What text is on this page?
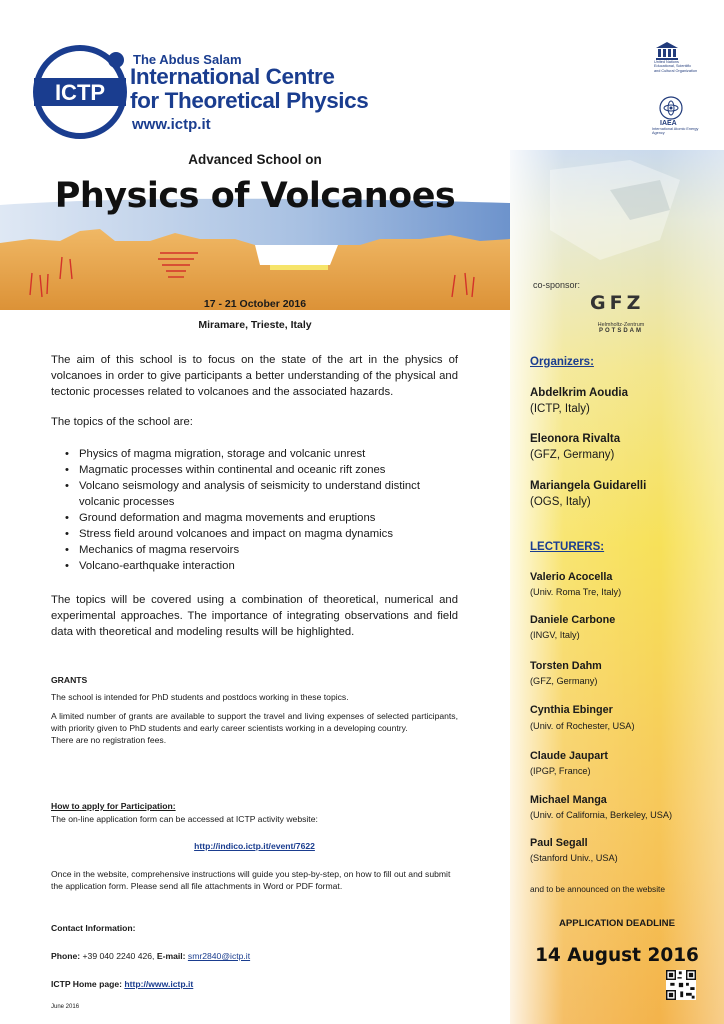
ICTP
The Abdus Salam
International Centre
for Theoretical Physics
www.ictp.it
United Nations Educational, Scientific and Cultural Organization
IAEA
International Atomic Energy Agency
Advanced School on
Physics of Volcanoes
17 - 21 October 2016
Miramare, Trieste, Italy
The aim of this school is to focus on the state of the art in the physics of volcanoes in order to give participants a better understanding of the physical and tectonic processes related to volcanoes and the associated hazards.
The topics of the school are:
• Physics of magma migration, storage and volcanic unrest
• Magmatic processes within continental and oceanic rift zones
• Volcano seismology and analysis of seismicity to understand distinct volcanic processes
• Ground deformation and magma movements and eruptions
• Stress field around volcanoes and impact on magma dynamics
• Mechanics of magma reservoirs
• Volcano-earthquake interaction
The topics will be covered using a combination of theoretical, numerical and experimental approaches. The importance of integrating observations and field data with theoretical and modeling results will be highlighted.
GRANTS
The school is intended for PhD students and postdocs working in these topics.
A limited number of grants are available to support the travel and living expenses of selected participants, with priority given to PhD students and early career scientists working in a developing country.
There are no registration fees.
How to apply for Participation:
The on-line application form can be accessed at ICTP activity website:
http://indico.ictp.it/event/7622
Once in the website, comprehensive instructions will guide you step-by-step, on how to fill out and submit the application form. Please send all file attachments in Word or PDF format.
Contact Information:
Phone: +39 040 2240 426, E-mail: smr2840@ictp.it
ICTP Home page: http://www.ictp.it
June 2016
co-sponsor:
GFZ
Helmholtz-Zentrum
POTSDAM
Organizers:
Abdelkrim Aoudia
(ICTP, Italy)
Eleonora Rivalta
(GFZ, Germany)
Mariangela Guidarelli
(OGS, Italy)
LECTURERS:
Valerio Acocella
(Univ. Roma Tre, Italy)
Daniele Carbone
(INGV, Italy)
Torsten Dahm
(GFZ, Germany)
Cynthia Ebinger
(Univ. of Rochester, USA)
Claude Jaupart
(IPGP, France)
Michael Manga
(Univ. of California, Berkeley, USA)
Paul Segall
(Stanford Univ., USA)
and to be announced on the website
APPLICATION DEADLINE
14 August 2016
